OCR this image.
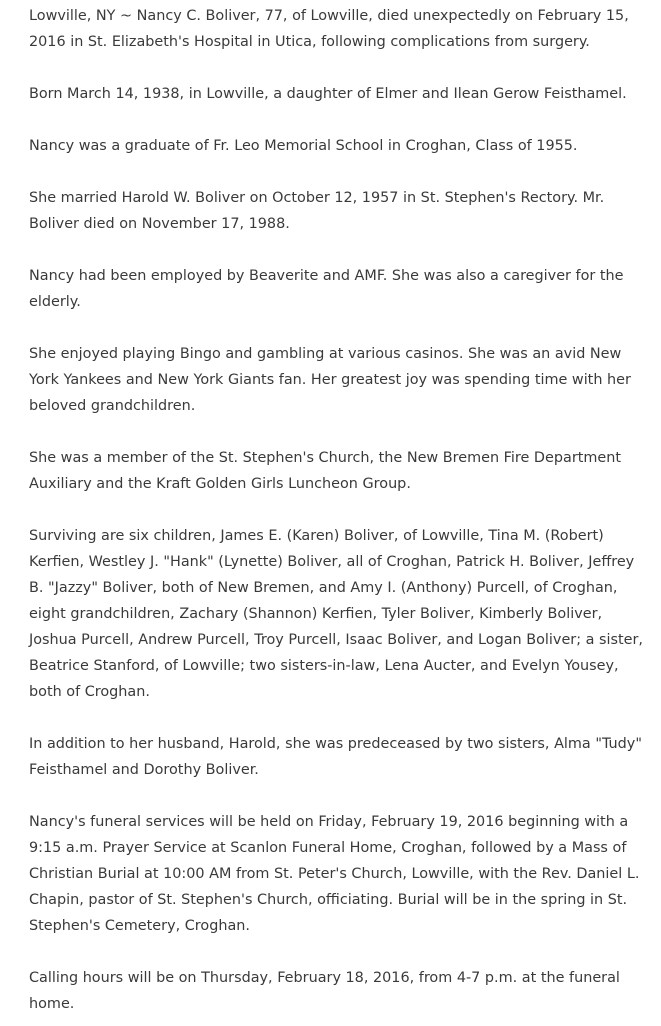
Lowville, NY ~ Nancy C. Boliver, 77, of Lowville, died unexpectedly on February 15, 2016 in St. Elizabeth's Hospital in Utica, following complications from surgery.

Born March 14, 1938, in Lowville, a daughter of Elmer and Ilean Gerow Feisthamel.

Nancy was a graduate of Fr. Leo Memorial School in Croghan, Class of 1955.

She married Harold W. Boliver on October 12, 1957 in St. Stephen's Rectory. Mr. Boliver died on November 17, 1988.

Nancy had been employed by Beaverite and AMF. She was also a caregiver for the elderly.

She enjoyed playing Bingo and gambling at various casinos. She was an avid New York Yankees and New York Giants fan. Her greatest joy was spending time with her beloved grandchildren.

She was a member of the St. Stephen's Church, the New Bremen Fire Department Auxiliary and the Kraft Golden Girls Luncheon Group.

Surviving are six children, James E. (Karen) Boliver, of Lowville, Tina M. (Robert) Kerfien, Westley J. "Hank" (Lynette) Boliver, all of Croghan, Patrick H. Boliver, Jeffrey B. "Jazzy" Boliver, both of New Bremen, and Amy I. (Anthony) Purcell, of Croghan, eight grandchildren, Zachary (Shannon) Kerfien, Tyler Boliver, Kimberly Boliver, Joshua Purcell, Andrew Purcell, Troy Purcell, Isaac Boliver, and Logan Boliver; a sister, Beatrice Stanford, of Lowville; two sisters-in-law, Lena Aucter, and Evelyn Yousey, both of Croghan.

In addition to her husband, Harold, she was predeceased by two sisters, Alma "Tudy" Feisthamel and Dorothy Boliver.

Nancy's funeral services will be held on Friday, February 19, 2016 beginning with a 9:15 a.m. Prayer Service at Scanlon Funeral Home, Croghan, followed by a Mass of Christian Burial at 10:00 AM from St. Peter's Church, Lowville, with the Rev. Daniel L. Chapin, pastor of St. Stephen's Church, officiating. Burial will be in the spring in St. Stephen's Cemetery, Croghan.

Calling hours will be on Thursday, February 18, 2016, from 4-7 p.m. at the funeral home.
